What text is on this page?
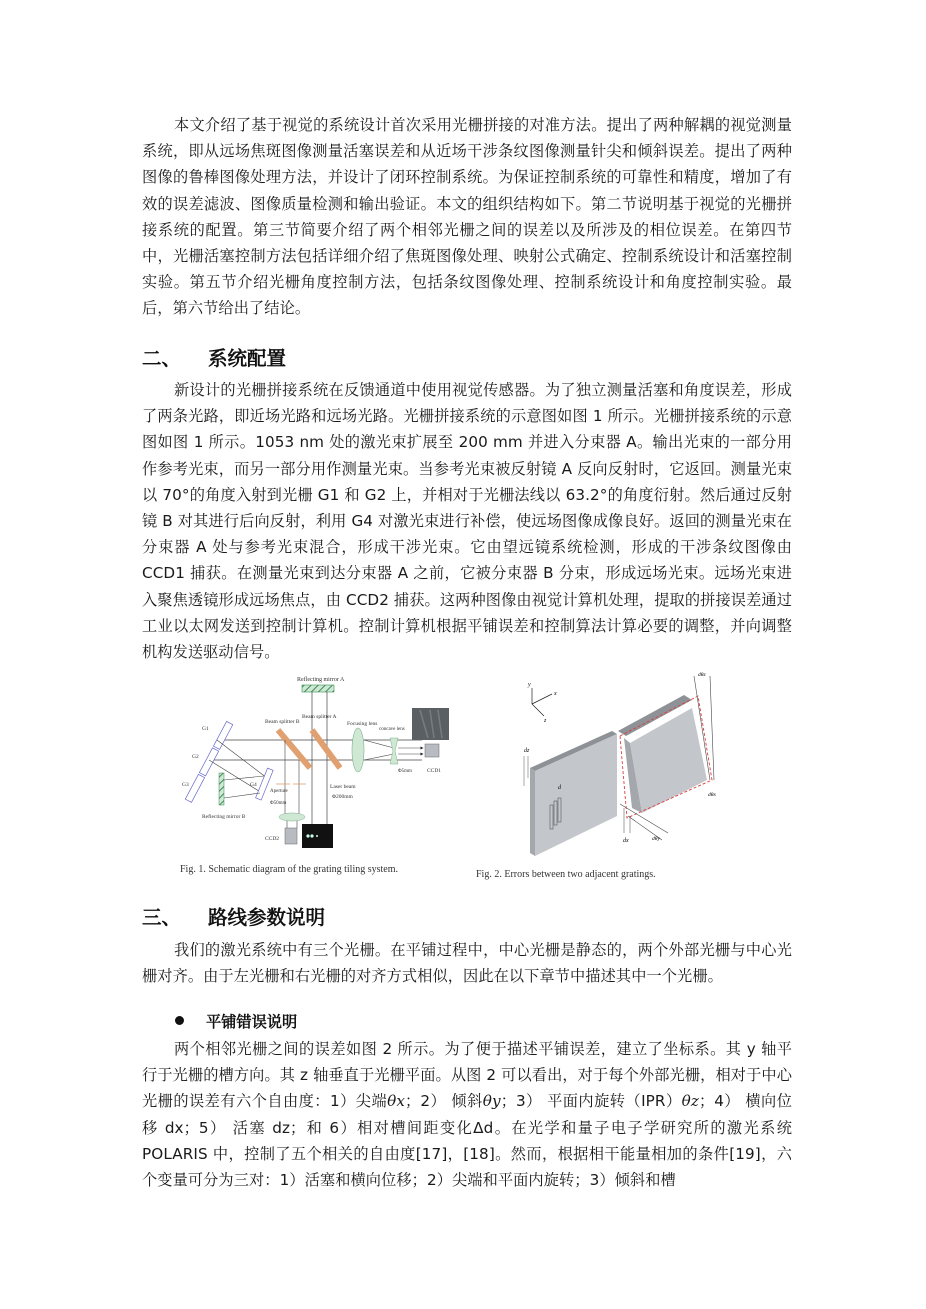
本文介绍了基于视觉的系统设计首次采用光栅拼接的对准方法。提出了两种解耦的视觉测量系统，即从远场焦斑图像测量活塞误差和从近场干涉条纹图像测量针尖和倾斜误差。提出了两种图像的鲁棒图像处理方法，并设计了闭环控制系统。为保证控制系统的可靠性和精度，增加了有效的误差滤波、图像质量检测和输出验证。本文的组织结构如下。第二节说明基于视觉的光栅拼接系统的配置。第三节简要介绍了两个相邻光栅之间的误差以及所涉及的相位误差。在第四节中，光栅活塞控制方法包括详细介绍了焦斑图像处理、映射公式确定、控制系统设计和活塞控制实验。第五节介绍光栅角度控制方法，包括条纹图像处理、控制系统设计和角度控制实验。最后，第六节给出了结论。

二、 系统配置

新设计的光栅拼接系统在反馈通道中使用视觉传感器。为了独立测量活塞和角度误差，形成了两条光路，即近场光路和远场光路。光栅拼接系统的示意图如图 1 所示。光栅拼接系统的示意图如图 1 所示。1053 nm 处的激光束扩展至 200 mm 并进入分束器 A。输出光束的一部分用作参考光束，而另一部分用作测量光束。当参考光束被反射镜 A 反向反射时，它返回。测量光束以 70°的角度入射到光栅 G1 和 G2 上，并相对于光栅法线以 63.2°的角度衍射。然后通过反射镜 B 对其进行后向反射，利用 G4 对激光束进行补偿，使远场图像成像良好。返回的测量光束在分束器 A 处与参考光束混合，形成干涉光束。它由望远镜系统检测，形成的干涉条纹图像由 CCD1 捕获。在测量光束到达分束器 A 之前，它被分束器 B 分束，形成远场光束。远场光束进入聚焦透镜形成远场焦点，由 CCD2 捕获。这两种图像由视觉计算机处理，提取的拼接误差通过工业以太网发送到控制计算机。控制计算机根据平铺误差和控制算法计算必要的调整，并向调整机构发送驱动信号。

Reflecting mirror A
Beam splitter B
Beam splitter A
Focusing lens
concave lens
Φ5mm	CCD1
G1
G2
G3	G4
Reflecting mirror B
Aperture
Φ50mm
Laser beam
Φ200mm
CCD2
Fig. 1. Schematic diagram of the grating tiling system.
y
x
z
d
dz
dθz
dθx
dθy
dx
Fig. 2. Errors between two adjacent gratings.
三、 路线参数说明

我们的激光系统中有三个光栅。在平铺过程中，中心光栅是静态的，两个外部光栅与中心光栅对齐。由于左光栅和右光栅的对齐方式相似，因此在以下章节中描述其中一个光栅。

平铺错误说明

两个相邻光栅之间的误差如图 2 所示。为了便于描述平铺误差，建立了坐标系。其 y 轴平行于光栅的槽方向。其 z 轴垂直于光栅平面。从图 2 可以看出，对于每个外部光栅，相对于中心光栅的误差有六个自由度：1）尖端θx；2） 倾斜θy；3） 平面内旋转（IPR）θz；4） 横向位移 dx；5） 活塞 dz；和 6）相对槽间距变化Δd。在光学和量子电子学研究所的激光系统 POLARIS 中，控制了五个相关的自由度[17]，[18]。然而，根据相干能量相加的条件[19]，六个变量可分为三对：1）活塞和横向位移；2）尖端和平面内旋转；3）倾斜和槽
